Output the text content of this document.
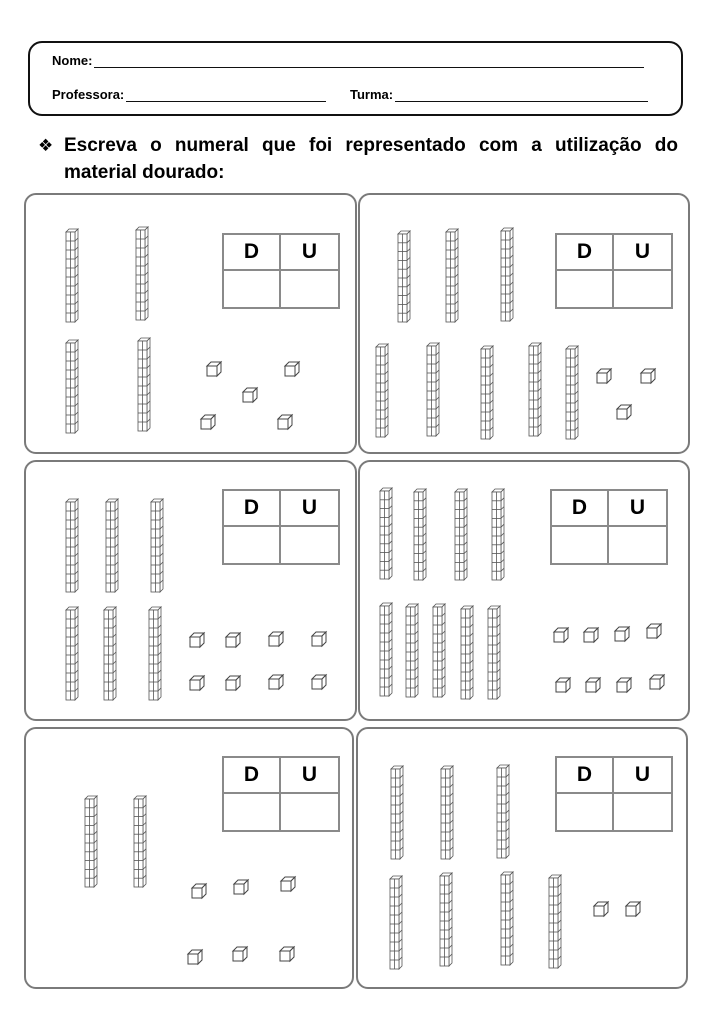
Nome:
Professora:	Turma:
❖ Escreva o numeral que foi representado com a utilização do material dourado:
D	U	D	U
D	U	D	U
D	U	D	U
